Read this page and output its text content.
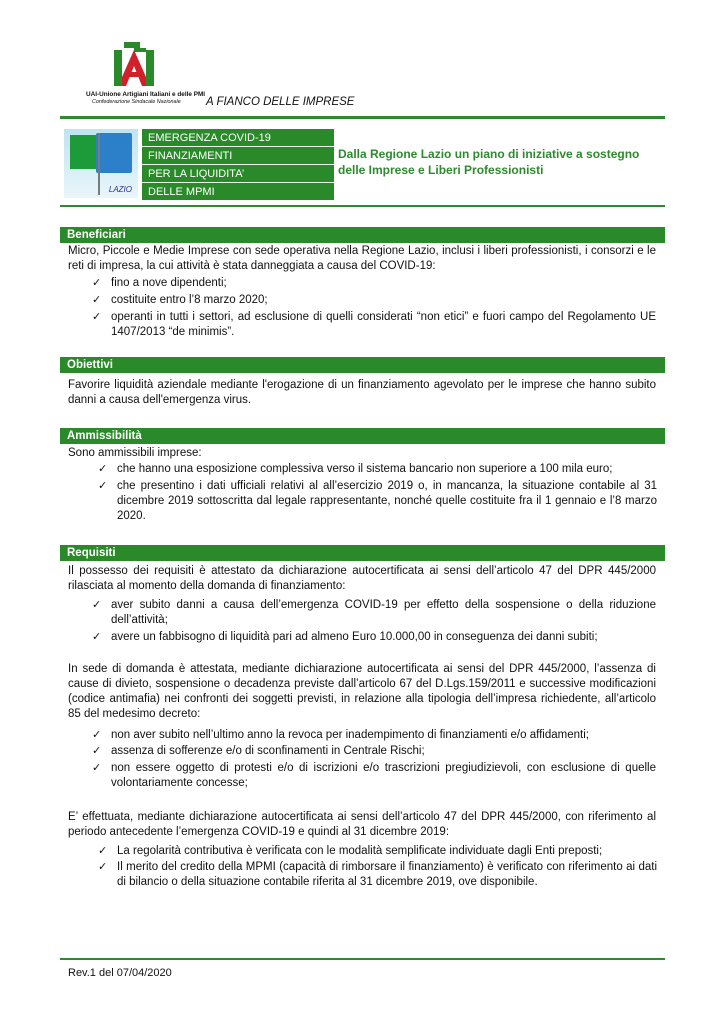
UAI-Unione Artigiani Italiani e delle PMI
Confederazione Sindacale Nazionale A FIANCO DELLE IMPRESE
LAZIO
EMERGENZA COVID-19
FINANZIAMENTI
PER LA LIQUIDITA’
DELLE MPMI
Dalla Regione Lazio un piano di iniziative a sostegno delle Imprese e Liberi Professionisti
Beneficiari
Micro, Piccole e Medie Imprese con sede operativa nella Regione Lazio, inclusi i liberi professionisti, i consorzi e le reti di impresa, la cui attività è stata danneggiata a causa del COVID-19:
✓ fino a nove dipendenti;
✓ costituite entro l’8 marzo 2020;
✓ operanti in tutti i settori, ad esclusione di quelli considerati “non etici” e fuori campo del Regolamento UE 1407/2013 “de minimis”.
Obiettivi
Favorire liquidità aziendale mediante l'erogazione di un finanziamento agevolato per le imprese che hanno subito danni a causa dell'emergenza virus.
Ammissibilità
Sono ammissibili imprese:
✓ che hanno una esposizione complessiva verso il sistema bancario non superiore a 100 mila euro;
✓ che presentino i dati ufficiali relativi al all’esercizio 2019 o, in mancanza, la situazione contabile al 31 dicembre 2019 sottoscritta dal legale rappresentante, nonché quelle costituite fra il 1 gennaio e l’8 marzo 2020.
Requisiti
Il possesso dei requisiti è attestato da dichiarazione autocertificata ai sensi dell’articolo 47 del DPR 445/2000 rilasciata al momento della domanda di finanziamento:
✓ aver subito danni a causa dell’emergenza COVID-19 per effetto della sospensione o della riduzione dell’attività;
✓ avere un fabbisogno di liquidità pari ad almeno Euro 10.000,00 in conseguenza dei danni subiti;
In sede di domanda è attestata, mediante dichiarazione autocertificata ai sensi del DPR 445/2000, l’assenza di cause di divieto, sospensione o decadenza previste dall’articolo 67 del D.Lgs.159/2011 e successive modificazioni (codice antimafia) nei confronti dei soggetti previsti, in relazione alla tipologia dell’impresa richiedente, all’articolo 85 del medesimo decreto:
✓ non aver subito nell’ultimo anno la revoca per inadempimento di finanziamenti e/o affidamenti;
✓ assenza di sofferenze e/o di sconfinamenti in Centrale Rischi;
✓ non essere oggetto di protesti e/o di iscrizioni e/o trascrizioni pregiudizievoli, con esclusione di quelle volontariamente concesse;
E’ effettuata, mediante dichiarazione autocertificata ai sensi dell’articolo 47 del DPR 445/2000, con riferimento al periodo antecedente l’emergenza COVID-19 e quindi al 31 dicembre 2019:
✓ La regolarità contributiva è verificata con le modalità semplificate individuate dagli Enti preposti;
✓ Il merito del credito della MPMI (capacità di rimborsare il finanziamento) è verificato con riferimento ai dati di bilancio o della situazione contabile riferita al 31 dicembre 2019, ove disponibile.
Rev.1 del 07/04/2020
